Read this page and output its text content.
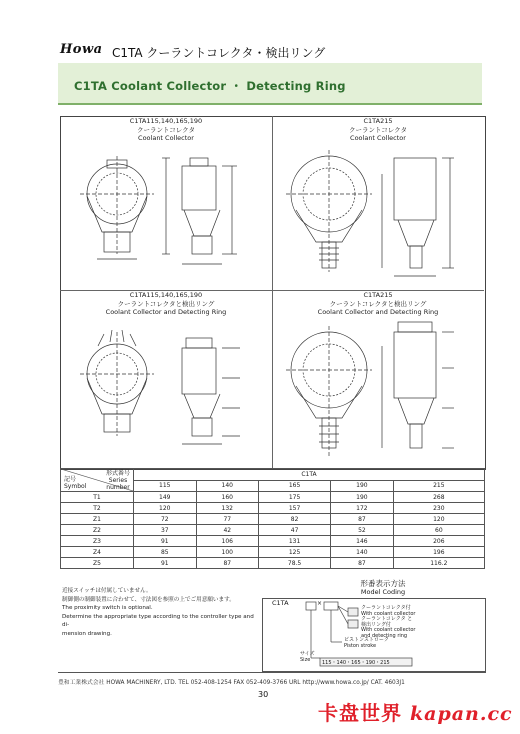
Howa C1TA クーラントコレクタ・検出リング
C1TA Coolant Collector ・ Detecting Ring
C1TA115,140,165,190
クーラントコレクタ
Coolant Collector
C1TA215
クーラントコレクタ
Coolant Collector
C1TA115,140,165,190
クーラントコレクタと検出リング
Coolant Collector and Detecting Ring
C1TA215
クーラントコレクタと検出リング
Coolant Collector and Detecting Ring
形式番号
Series
number
記号
Symbol	C1TA				
	115	140	165	190	215
T1	149	160	175	190	268
T2	120	132	157	172	230
Z1	72	77	82	87	120
Z2	37	42	47	52	60
Z3	91	106	131	146	206
Z4	85	100	125	140	196
Z5	91	87	78.5	87	116.2
近接スイッチは付属していません。
制御側の制御装置に合わせて、寸法図を参照の上でご用意願います。
The proximity switch is optional.
Determine the appropriate type according to the controller type and di-
mension drawing.
形番表示方法
Model Coding
C1TA	×
クーラントコレクタ付
With coolant collector
クーラントコレクタ と
検出リング付
With coolant collector
and detecting ring
ピストンストローク
Piston stroke
サイズ
Size
115・140・165・190・215
豊和工業株式会社 HOWA MACHINERY, LTD. TEL 052-408-1254 FAX 052-409-3766 URL http://www.howa.co.jp/ CAT. 4603J1
30
卡盘世界 kapan.cc
